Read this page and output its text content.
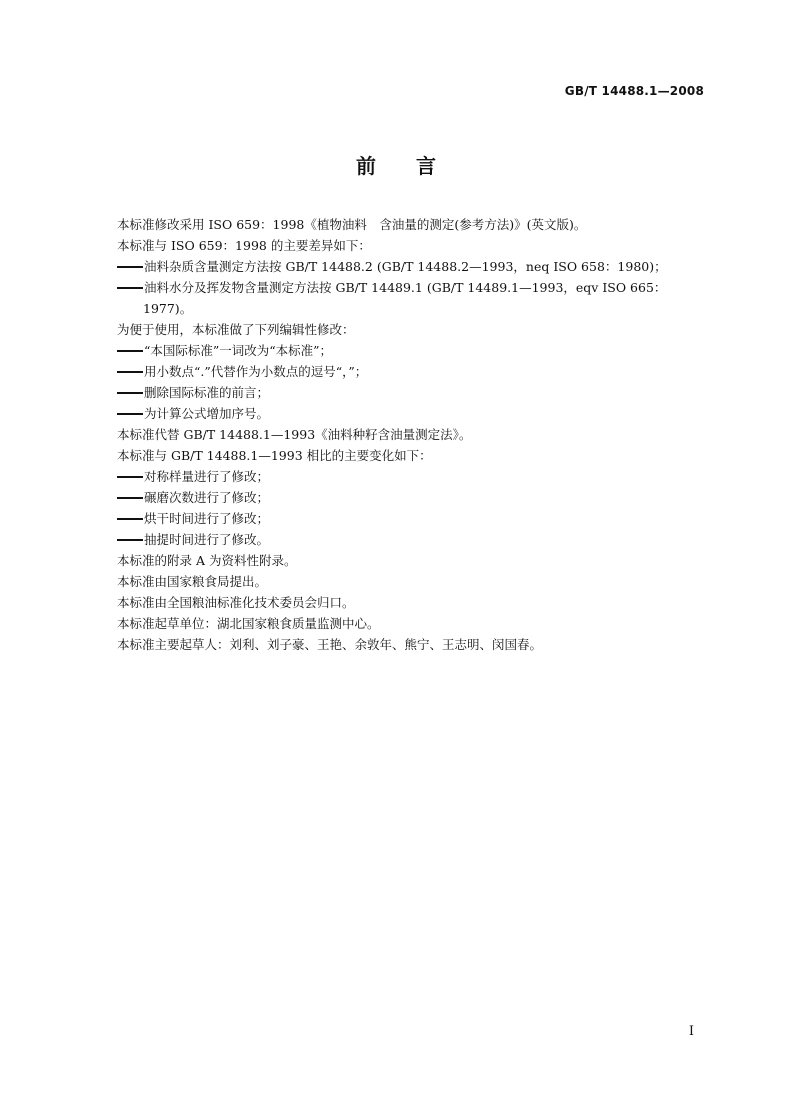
GB/T 14488.1—2008
前言
本标准修改采用 ISO 659：1998《植物油料　含油量的测定(参考方法)》(英文版)。
本标准与 ISO 659：1998 的主要差异如下：
油料杂质含量测定方法按 GB/T 14488.2 (GB/T 14488.2—1993，neq ISO 658：1980)；
油料水分及挥发物含量测定方法按 GB/T 14489.1 (GB/T 14489.1—1993，eqv ISO 665：
1977)。
为便于使用，本标准做了下列编辑性修改：
“本国际标准”一词改为“本标准”；
用小数点“.”代替作为小数点的逗号“，”；
删除国际标准的前言；
为计算公式增加序号。
本标准代替 GB/T 14488.1—1993《油料种籽含油量测定法》。
本标准与 GB/T 14488.1—1993 相比的主要变化如下：
对称样量进行了修改；
碾磨次数进行了修改；
烘干时间进行了修改；
抽提时间进行了修改。
本标准的附录 A 为资料性附录。
本标准由国家粮食局提出。
本标准由全国粮油标准化技术委员会归口。
本标准起草单位：湖北国家粮食质量监测中心。
本标准主要起草人：刘利、刘子豪、王艳、余敦年、熊宁、王志明、闵国春。
I
